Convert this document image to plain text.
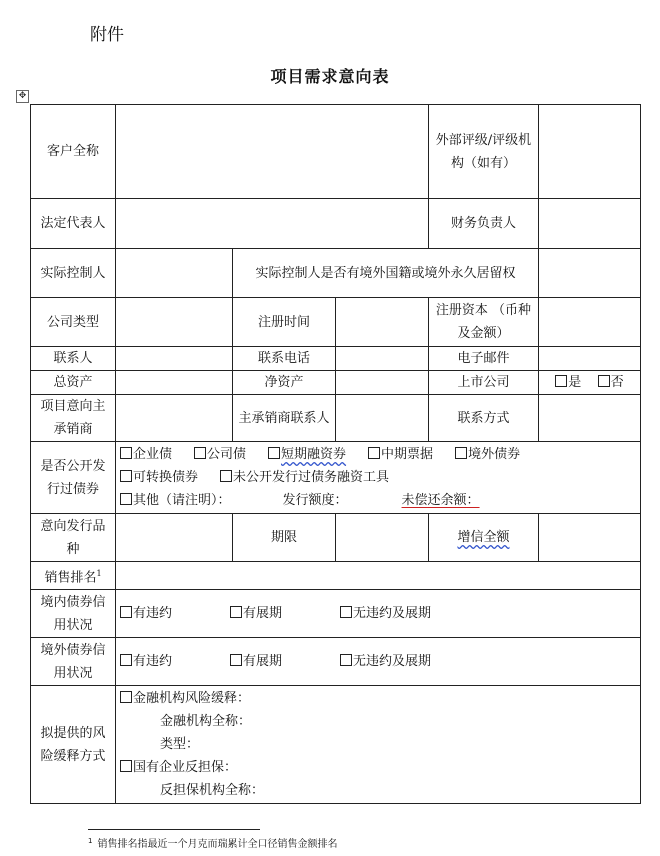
附件
项目需求意向表
✥
客户全称				外部评级/评级机构（如有）	
法定代表人				财务负责人	
实际控制人		实际控制人是否有境外国籍或境外永久居留权			
公司类型		注册时间		注册资本 （币种及金额）	
联系人		联系电话		电子邮件	
总资产		净资产		上市公司	是 否
项目意向主承销商		主承销商联系人		联系方式	
是否公开发行过债券	企业债 公司债 短期融资券 中期票据 境外债券
可转换债券 未公开发行过债务融资工具
其他（请注明）： 发行额度： 未偿还余额：				

意向发行品种		期限		增信全额	
销售排名$^1$	
境内债券信用状况	有违约 有展期 无违约及展期				
境外债券信用状况	有违约 有展期 无违约及展期				
拟提供的风险缓释方式	金融机构风险缓释：
金融机构全称：
类型：
国有企业反担保：
反担保机构全称：				
$^1$ 销售排名指最近一个月克而瑞累计全口径销售金额排名
